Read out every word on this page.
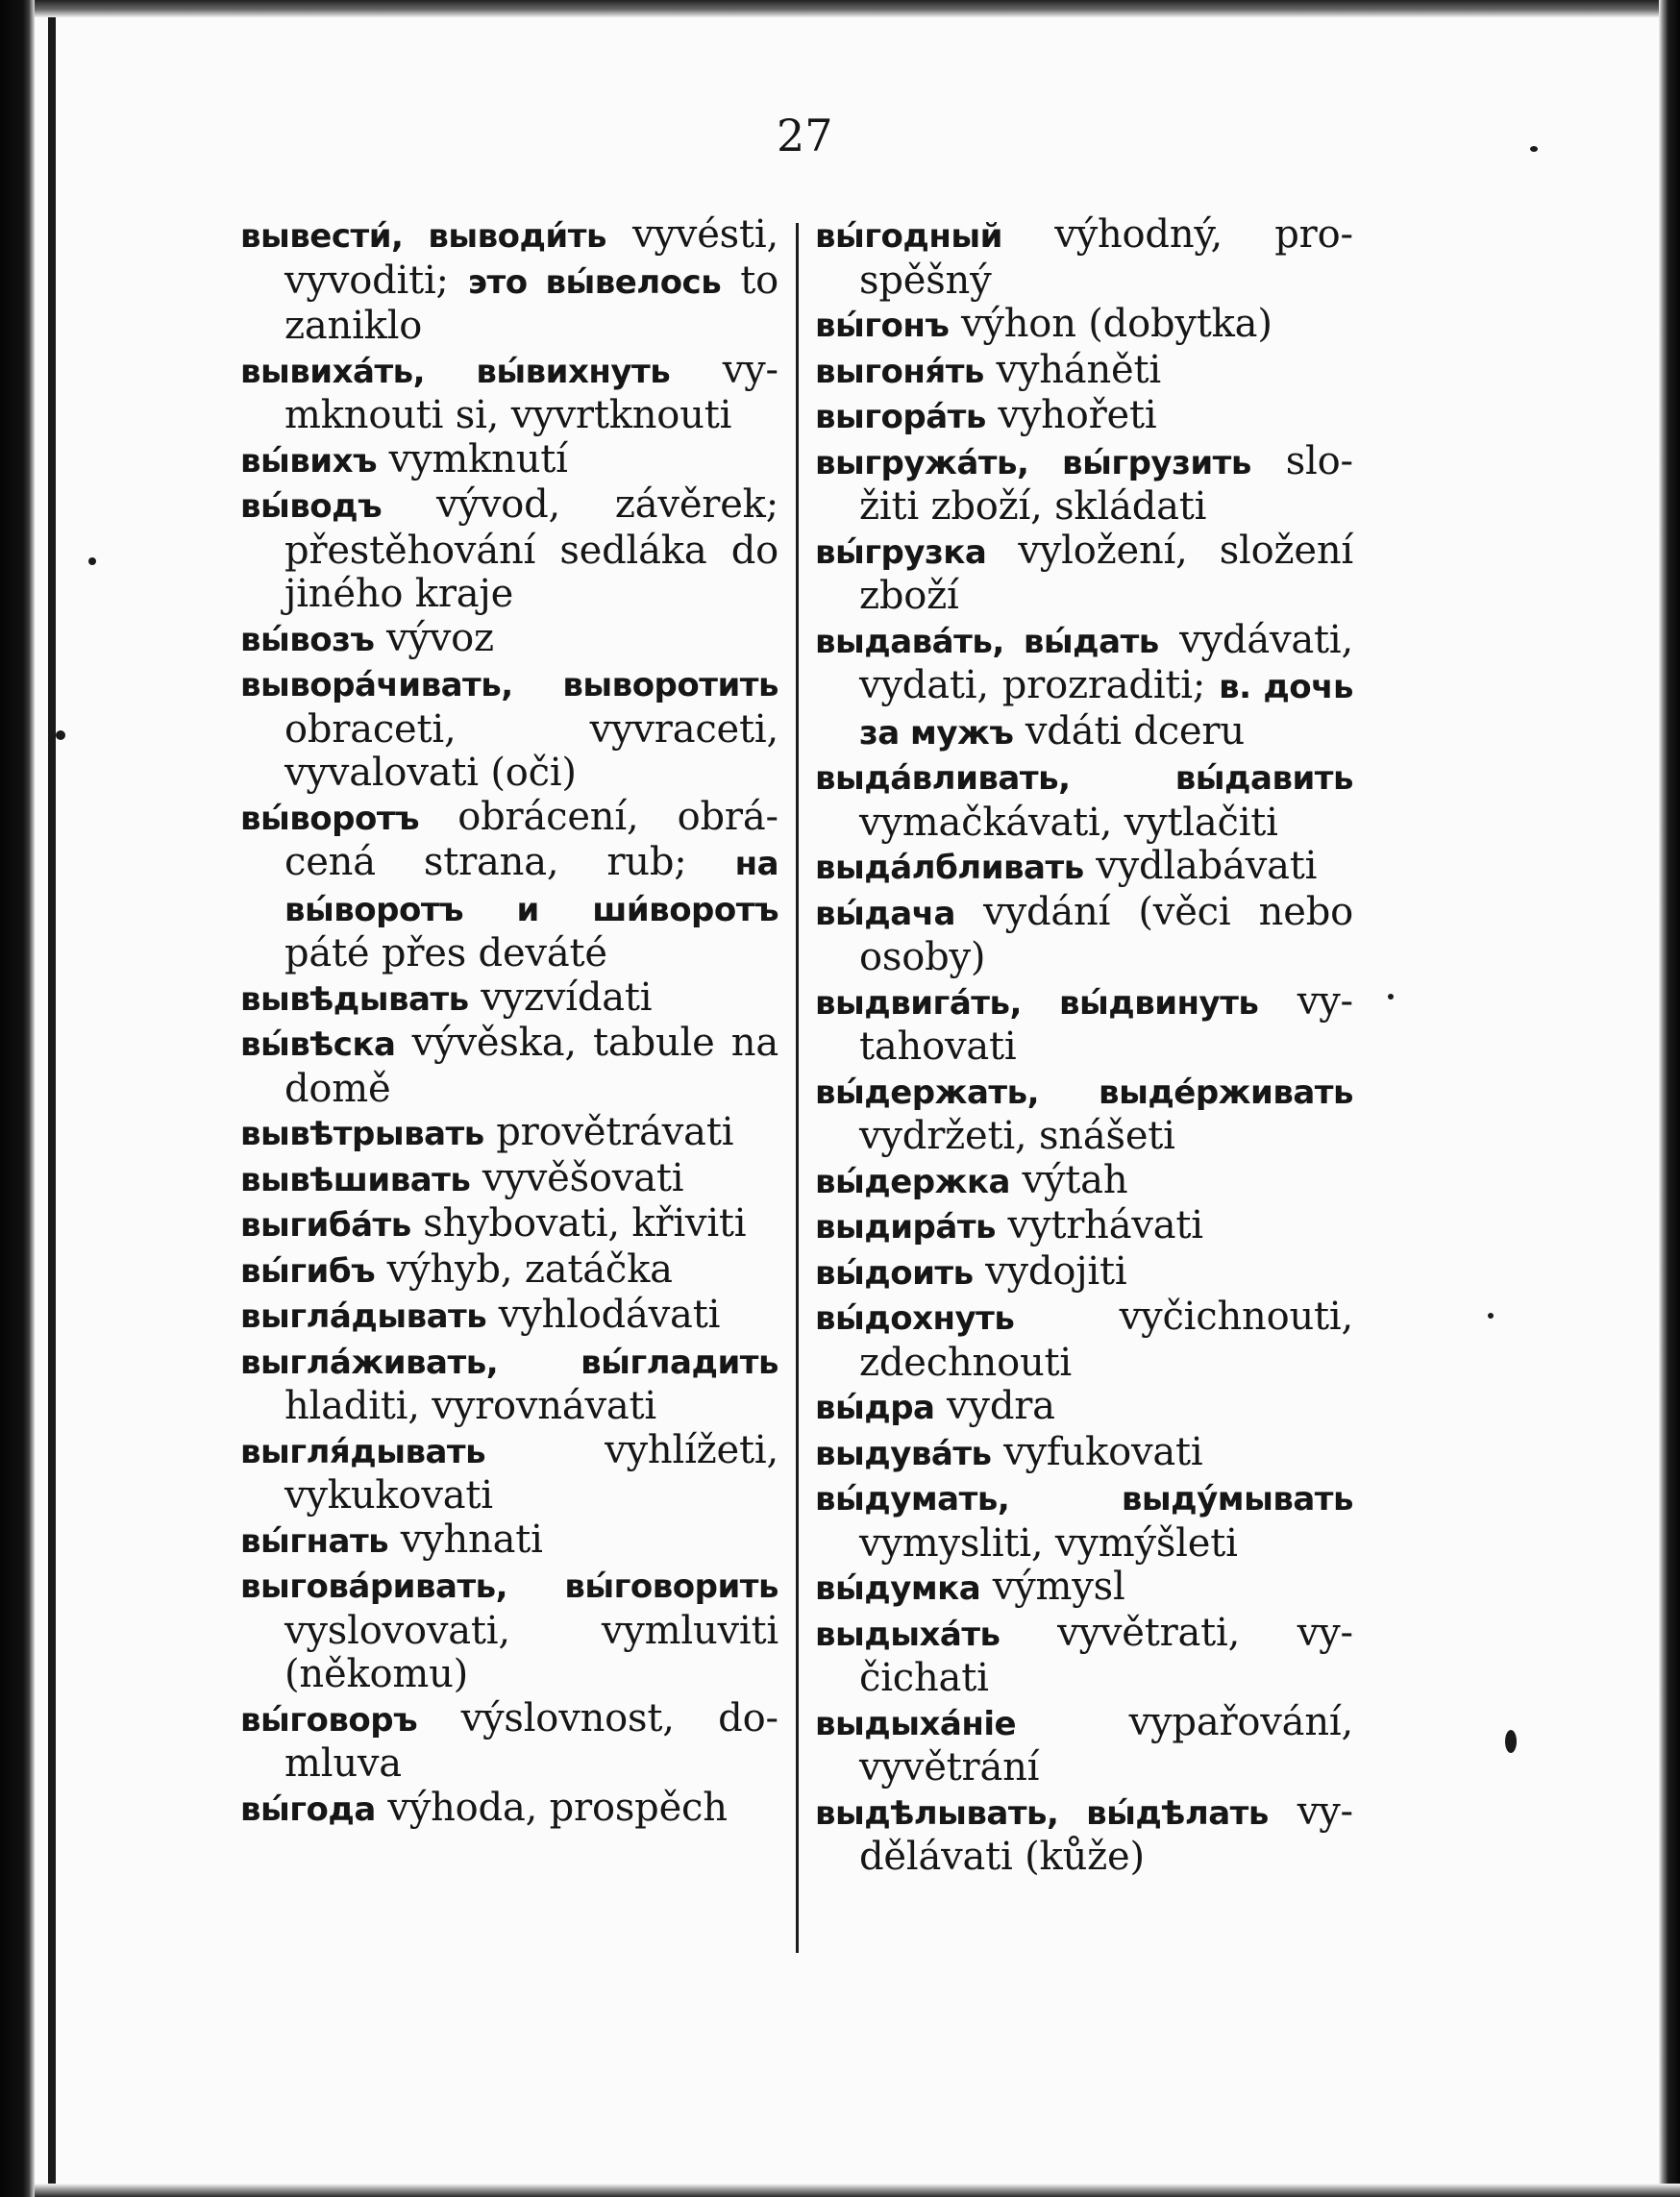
27
вывести́, выводи́ть vyvésti, vyvoditi; это вы́велось to zaniklo
вывиха́ть, вы́вихнуть vymknouti si, vyvrtknouti
вы́вихъ vymknutí
вы́водъ vývod, závěrek; přestěhování sedláka do jiného kraje
вы́возъ vývoz
вывора́чивать, выворотить obraceti, vyvraceti, vyvalovati (oči)
вы́воротъ obrácení, obrácená strana, rub; на вы́воротъ и ши́воротъ páté přes deváté
вывѣдывать vyzvídati
вы́вѣска vývěska, tabule na domě
вывѣтрывать provětrávati
вывѣшивать vyvěšovati
выгиба́ть shybovati, křiviti
вы́гибъ výhyb, zatáčka
выгла́дывать vyhlodávati
выгла́живать, вы́гладить hladiti, vyrovnávati
выгля́дывать	vyhlížeti, vykukovati
вы́гнать vyhnati
выгова́ривать, вы́говорить vyslovovati, vymluviti (někomu)
вы́говоръ výslovnost, domluva
вы́года výhoda, prospěch
вы́годный výhodný, prospěšný
вы́гонъ výhon (dobytka)
выгоня́ть vyháněti
выгора́ть vyhořeti
выгружа́ть, вы́грузить složiti zboží, skládati
вы́грузка vyložení, složení zboží
выдава́ть, вы́дать vydávati, vydati, prozraditi; в. дочь за мужъ vdáti dceru
выда́вливать, вы́давить vymačkávati, vytlačiti
выда́лбливать vydlabávati
вы́дача vydání (věci nebo osoby)
выдвига́ть, вы́двинуть vytahovati
вы́держать, выде́рживать vydržeti, snášeti
вы́держка výtah
выдира́ть vytrhávati
вы́доить vydojiti
вы́дохнуть	vyčichnouti, zdechnouti
вы́дра vydra
выдува́ть vyfukovati
вы́думать, выду́мывать vymysliti, vymýšleti
вы́думка výmysl
выдыха́ть vyvětrati, vyčichati
выдыха́нiе	vypařování, vyvětrání
выдѣлывать, вы́дѣлать vydělávati (kůže)
